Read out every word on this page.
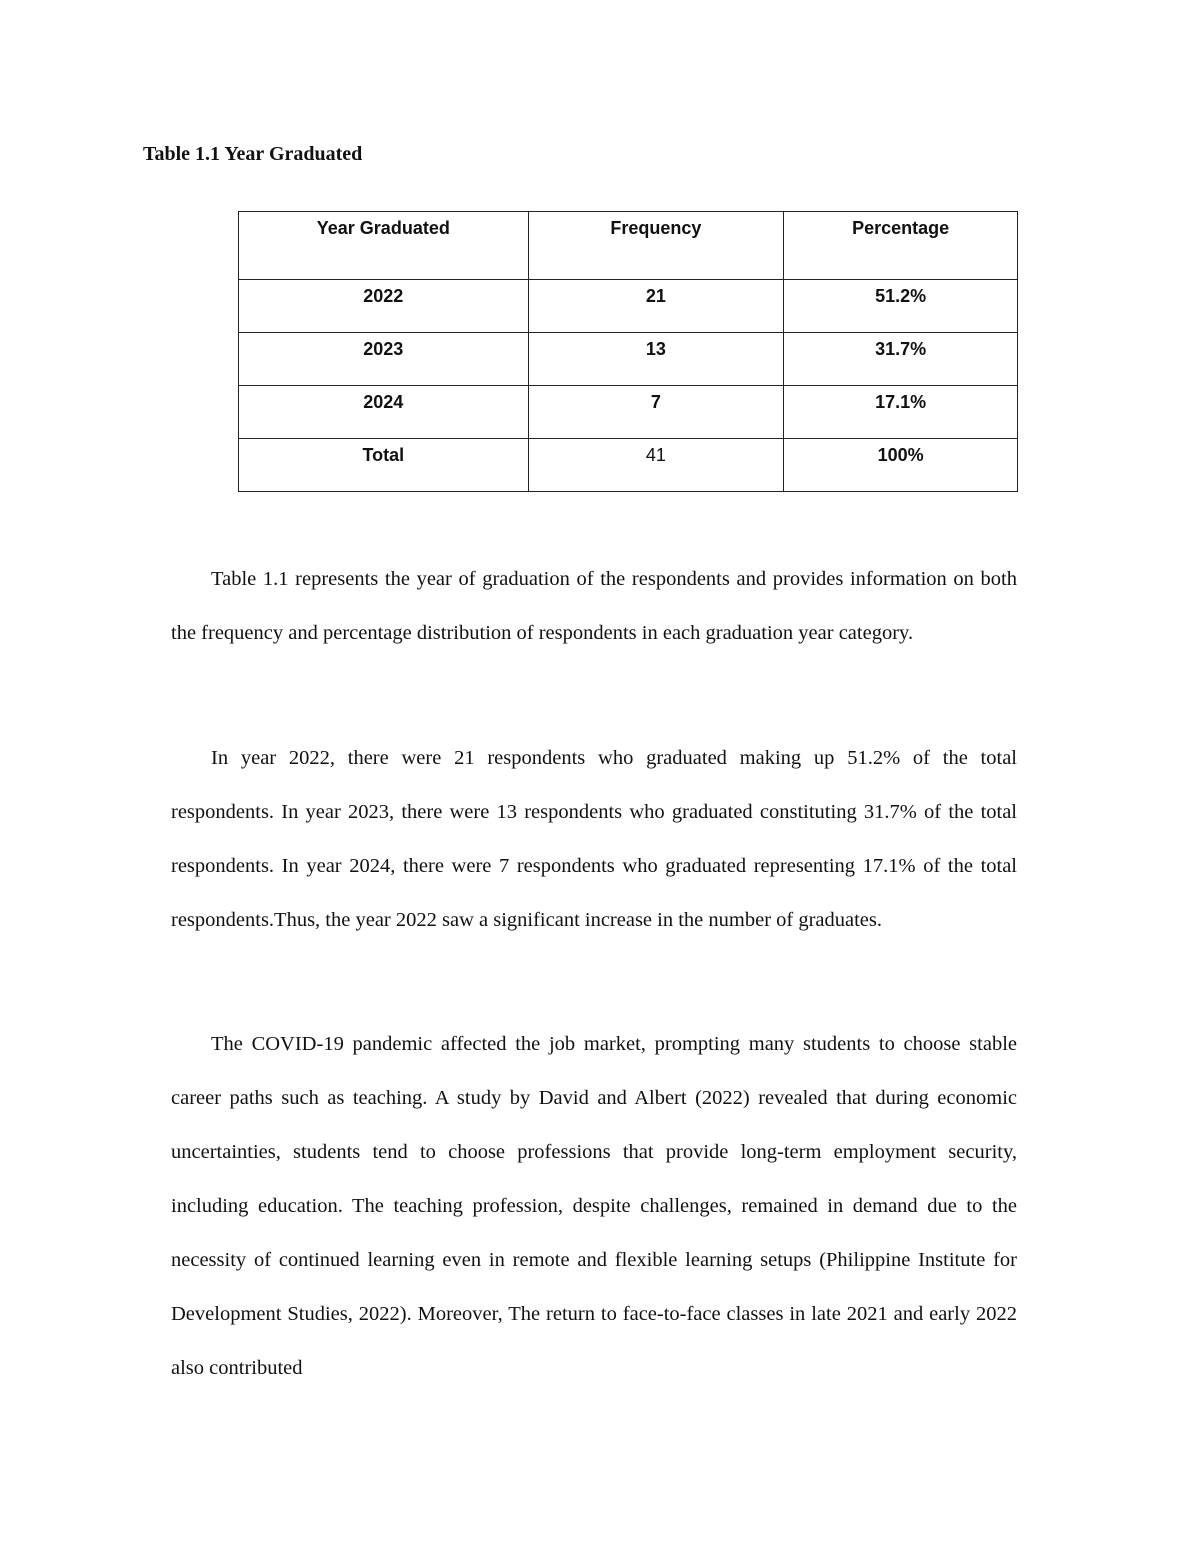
Table 1.1 Year Graduated
Year Graduated	Frequency	Percentage
2022	21	51.2%
2023	13	31.7%
2024	7	17.1%
Total	41	100%

Table 1.1 represents the year of graduation of the respondents and provides information on both the frequency and percentage distribution of respondents in each graduation year category.

In year 2022, there were 21 respondents who graduated making up 51.2% of the total respondents. In year 2023, there were 13 respondents who graduated constituting 31.7% of the total respondents. In year 2024, there were 7 respondents who graduated representing 17.1% of the total respondents.Thus, the year 2022 saw a significant increase in the number of graduates.

The COVID-19 pandemic affected the job market, prompting many students to choose stable career paths such as teaching. A study by David and Albert (2022) revealed that during economic uncertainties, students tend to choose professions that provide long-term employment security, including education. The teaching profession, despite challenges, remained in demand due to the necessity of continued learning even in remote and flexible learning setups (Philippine Institute for Development Studies, 2022). Moreover, The return to face-to-face classes in late 2021 and early 2022 also contributed
